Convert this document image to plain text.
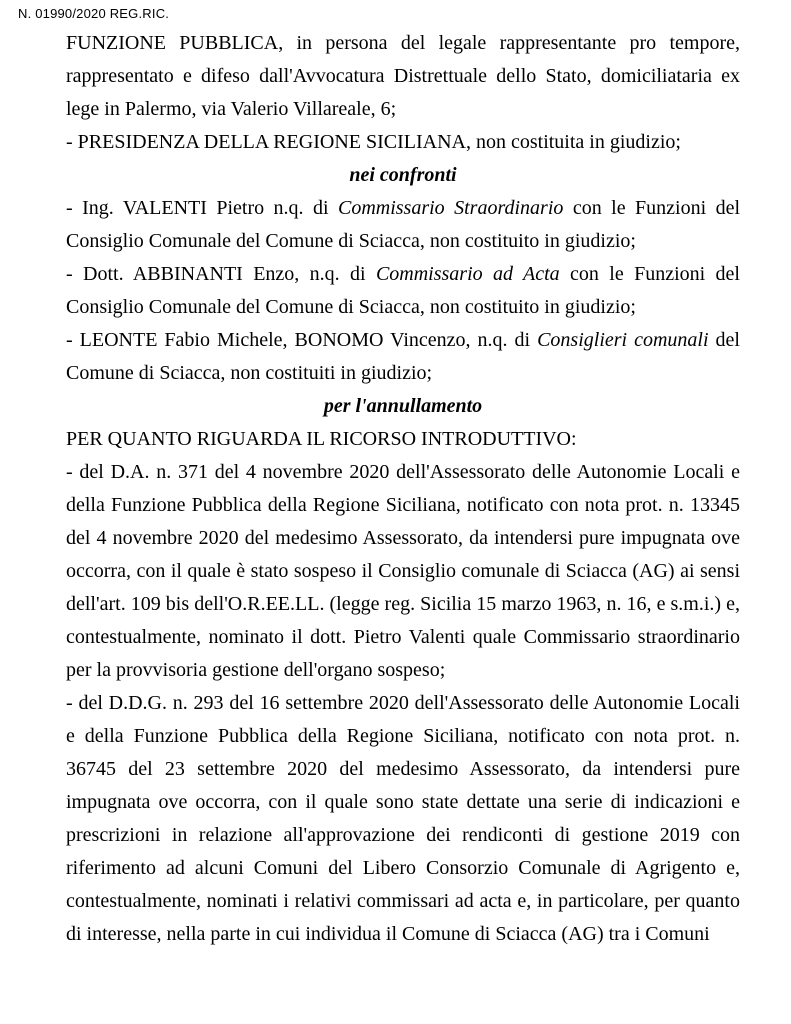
N. 01990/2020 REG.RIC.

FUNZIONE PUBBLICA, in persona del legale rappresentante pro tempore, rappresentato e difeso dall'Avvocatura Distrettuale dello Stato, domiciliataria ex lege in Palermo, via Valerio Villareale, 6;

- PRESIDENZA DELLA REGIONE SICILIANA, non costituita in giudizio;

nei confronti

- Ing. VALENTI Pietro n.q. di Commissario Straordinario con le Funzioni del Consiglio Comunale del Comune di Sciacca, non costituito in giudizio;

- Dott. ABBINANTI Enzo, n.q. di Commissario ad Acta con le Funzioni del Consiglio Comunale del Comune di Sciacca, non costituito in giudizio;

- LEONTE Fabio Michele, BONOMO Vincenzo, n.q. di Consiglieri comunali del Comune di Sciacca, non costituiti in giudizio;

per l'annullamento

PER QUANTO RIGUARDA IL RICORSO INTRODUTTIVO:

- del D.A. n. 371 del 4 novembre 2020 dell'Assessorato delle Autonomie Locali e della Funzione Pubblica della Regione Siciliana, notificato con nota prot. n. 13345 del 4 novembre 2020 del medesimo Assessorato, da intendersi pure impugnata ove occorra, con il quale è stato sospeso il Consiglio comunale di Sciacca (AG) ai sensi dell'art. 109 bis dell'O.R.EE.LL. (legge reg. Sicilia 15 marzo 1963, n. 16, e s.m.i.) e, contestualmente, nominato il dott. Pietro Valenti quale Commissario straordinario per la provvisoria gestione dell'organo sospeso;

- del D.D.G. n. 293 del 16 settembre 2020 dell'Assessorato delle Autonomie Locali e della Funzione Pubblica della Regione Siciliana, notificato con nota prot. n. 36745 del 23 settembre 2020 del medesimo Assessorato, da intendersi pure impugnata ove occorra, con il quale sono state dettate una serie di indicazioni e prescrizioni in relazione all'approvazione dei rendiconti di gestione 2019 con riferimento ad alcuni Comuni del Libero Consorzio Comunale di Agrigento e, contestualmente, nominati i relativi commissari ad acta e, in particolare, per quanto di interesse, nella parte in cui individua il Comune di Sciacca (AG) tra i Comuni
